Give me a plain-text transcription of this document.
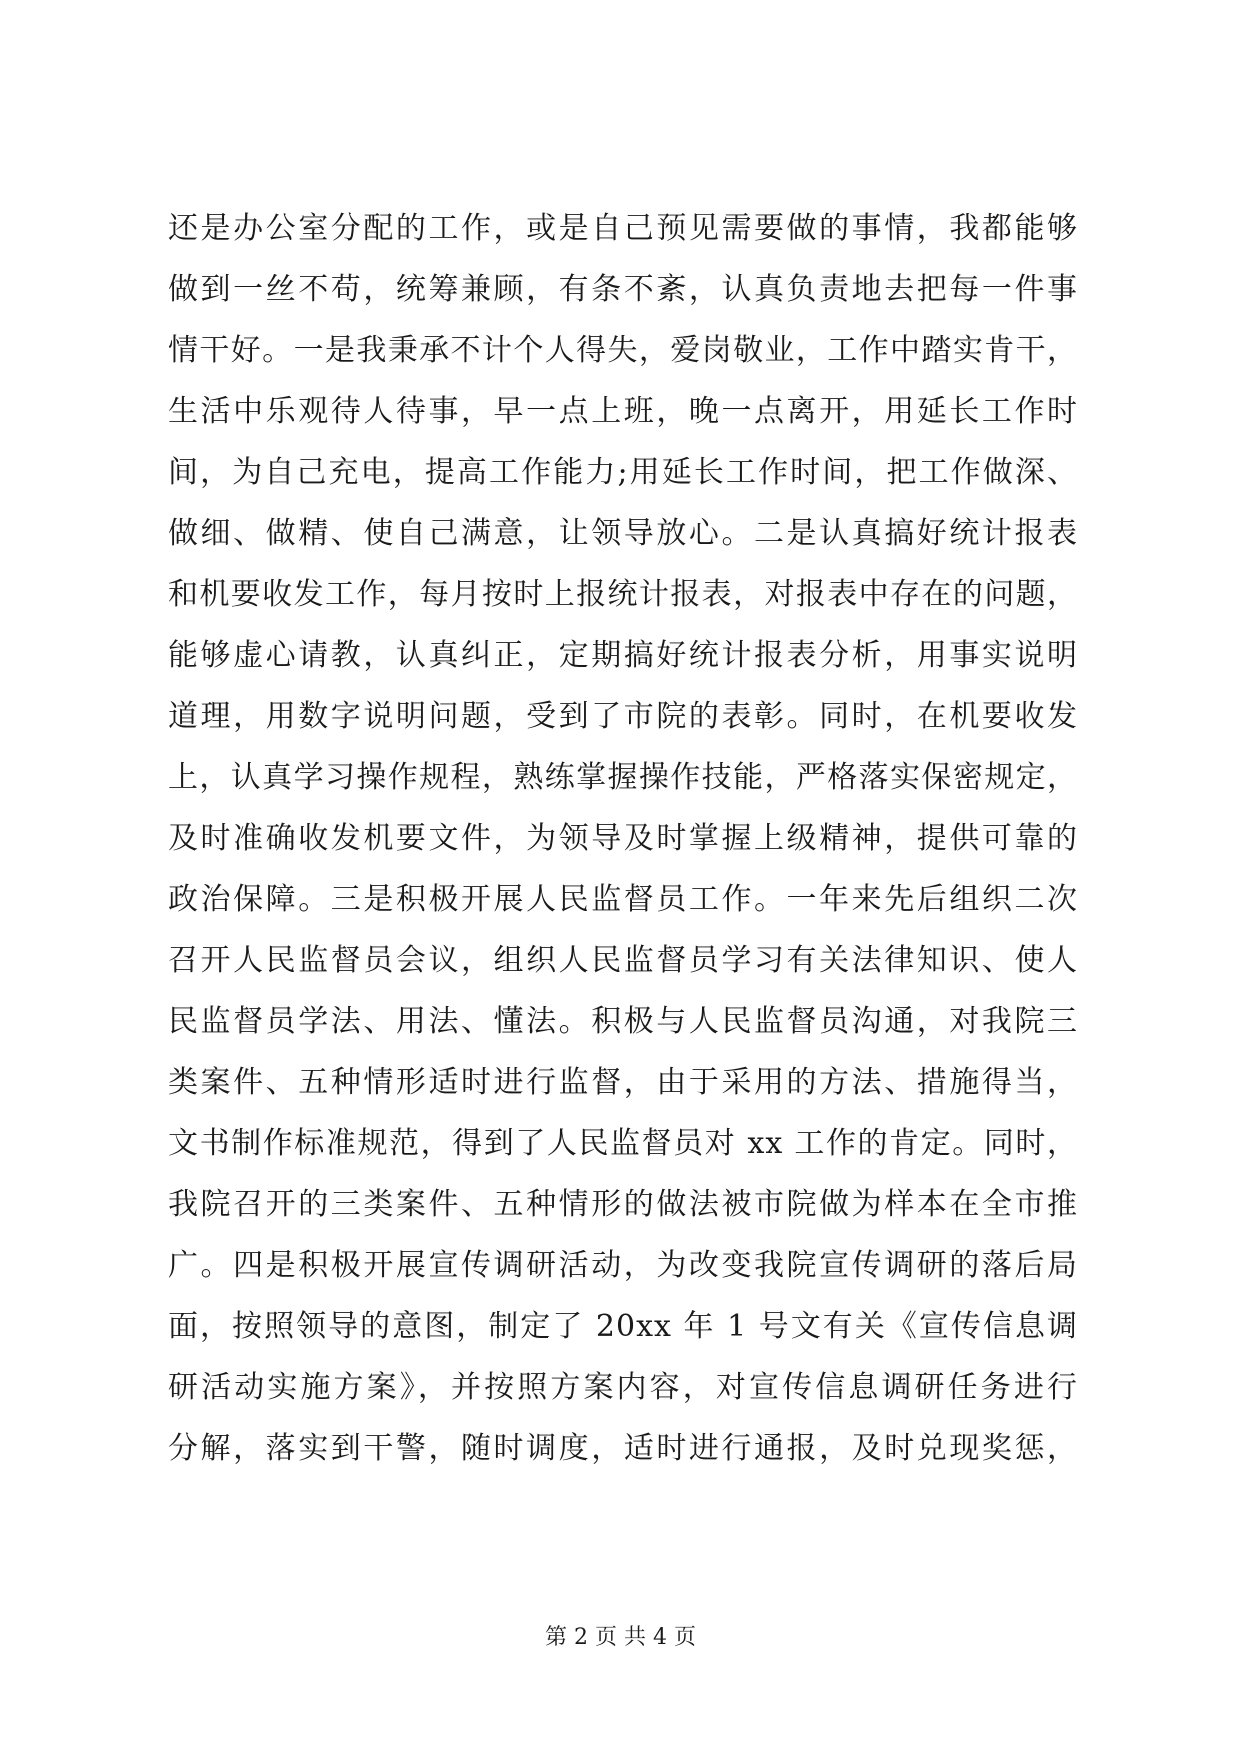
还是办公室分配的工作，或是自己预见需要做的事情，我都能够
做到一丝不苟，统筹兼顾，有条不紊，认真负责地去把每一件事
情干好。一是我秉承不计个人得失，爱岗敬业，工作中踏实肯干，
生活中乐观待人待事，早一点上班，晚一点离开，用延长工作时
间，为自己充电，提高工作能力;用延长工作时间，把工作做深、
做细、做精、使自己满意，让领导放心。二是认真搞好统计报表
和机要收发工作，每月按时上报统计报表，对报表中存在的问题，
能够虚心请教，认真纠正，定期搞好统计报表分析，用事实说明
道理，用数字说明问题，受到了市院的表彰。同时，在机要收发
上，认真学习操作规程，熟练掌握操作技能，严格落实保密规定，
及时准确收发机要文件，为领导及时掌握上级精神，提供可靠的
政治保障。三是积极开展人民监督员工作。一年来先后组织二次
召开人民监督员会议，组织人民监督员学习有关法律知识、使人
民监督员学法、用法、懂法。积极与人民监督员沟通，对我院三
类案件、五种情形适时进行监督，由于采用的方法、措施得当，
文书制作标准规范，得到了人民监督员对 xx 工作的肯定。同时，
我院召开的三类案件、五种情形的做法被市院做为样本在全市推
广。四是积极开展宣传调研活动，为改变我院宣传调研的落后局
面，按照领导的意图，制定了 20xx 年 1 号文有关《宣传信息调
研活动实施方案》，并按照方案内容，对宣传信息调研任务进行
分解，落实到干警，随时调度，适时进行通报，及时兑现奖惩，
第 2 页 共 4 页
